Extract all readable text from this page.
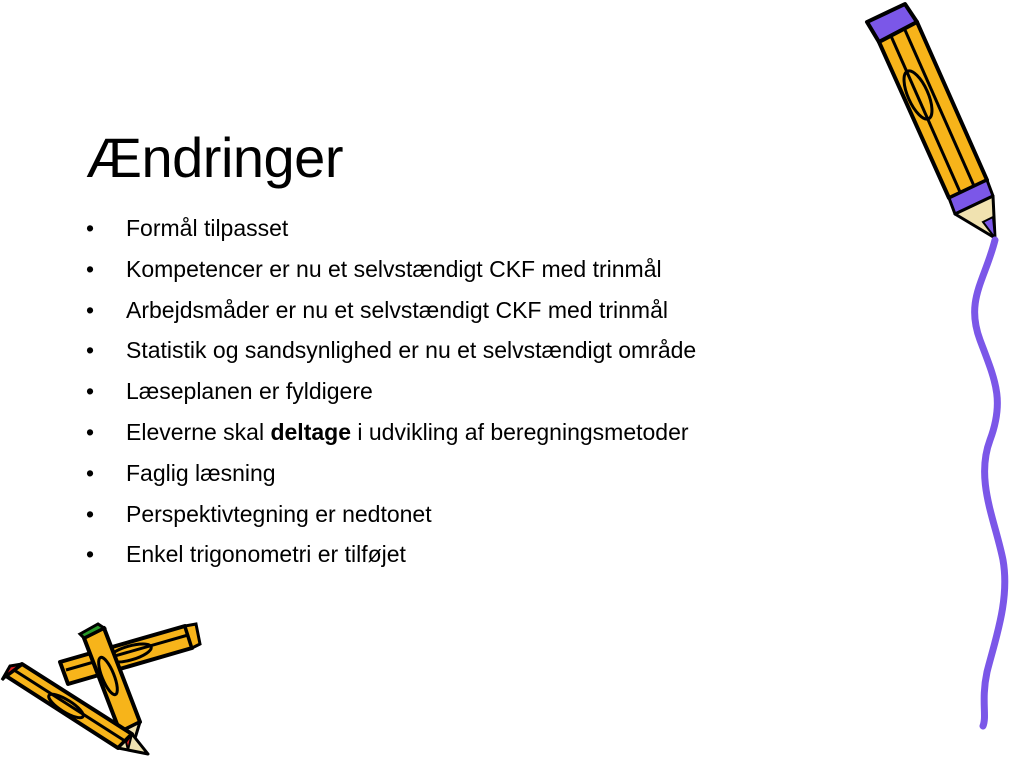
Ændringer
• Formål tilpasset
• Kompetencer er nu et selvstændigt CKF med trinmål
• Arbejdsmåder er nu et selvstændigt CKF med trinmål
• Statistik og sandsynlighed er nu et selvstændigt område
• Læseplanen er fyldigere
• Eleverne skal deltage i udvikling af beregningsmetoder
• Faglig læsning
• Perspektivtegning er nedtonet
• Enkel trigonometri er tilføjet
